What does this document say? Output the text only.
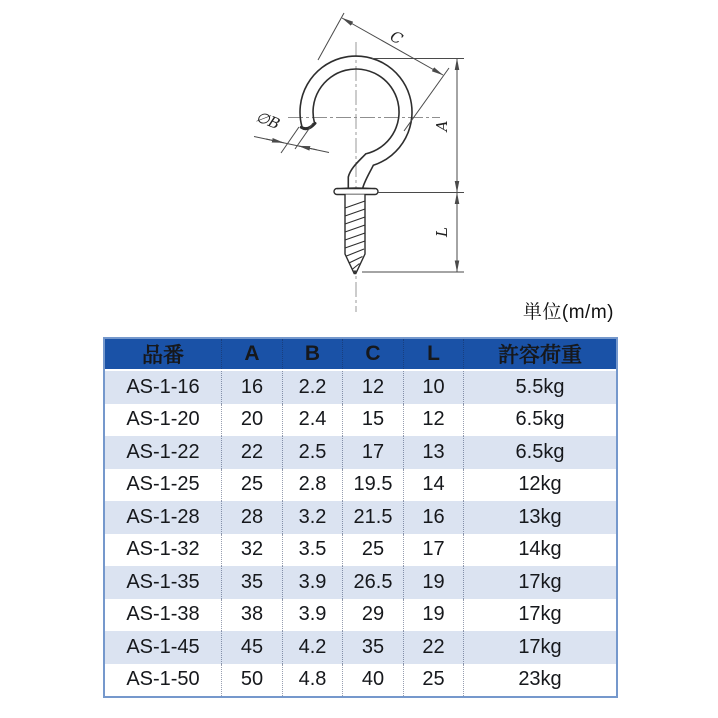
C
∅B	A
L
単位(m/m)
品番	A	B	C	L	許容荷重
AS-1-16	16	2.2	12	10	5.5kg
AS-1-20	20	2.4	15	12	6.5kg
AS-1-22	22	2.5	17	13	6.5kg
AS-1-25	25	2.8	19.5	14	12kg
AS-1-28	28	3.2	21.5	16	13kg
AS-1-32	32	3.5	25	17	14kg
AS-1-35	35	3.9	26.5	19	17kg
AS-1-38	38	3.9	29	19	17kg
AS-1-45	45	4.2	35	22	17kg
AS-1-50	50	4.8	40	25	23kg
